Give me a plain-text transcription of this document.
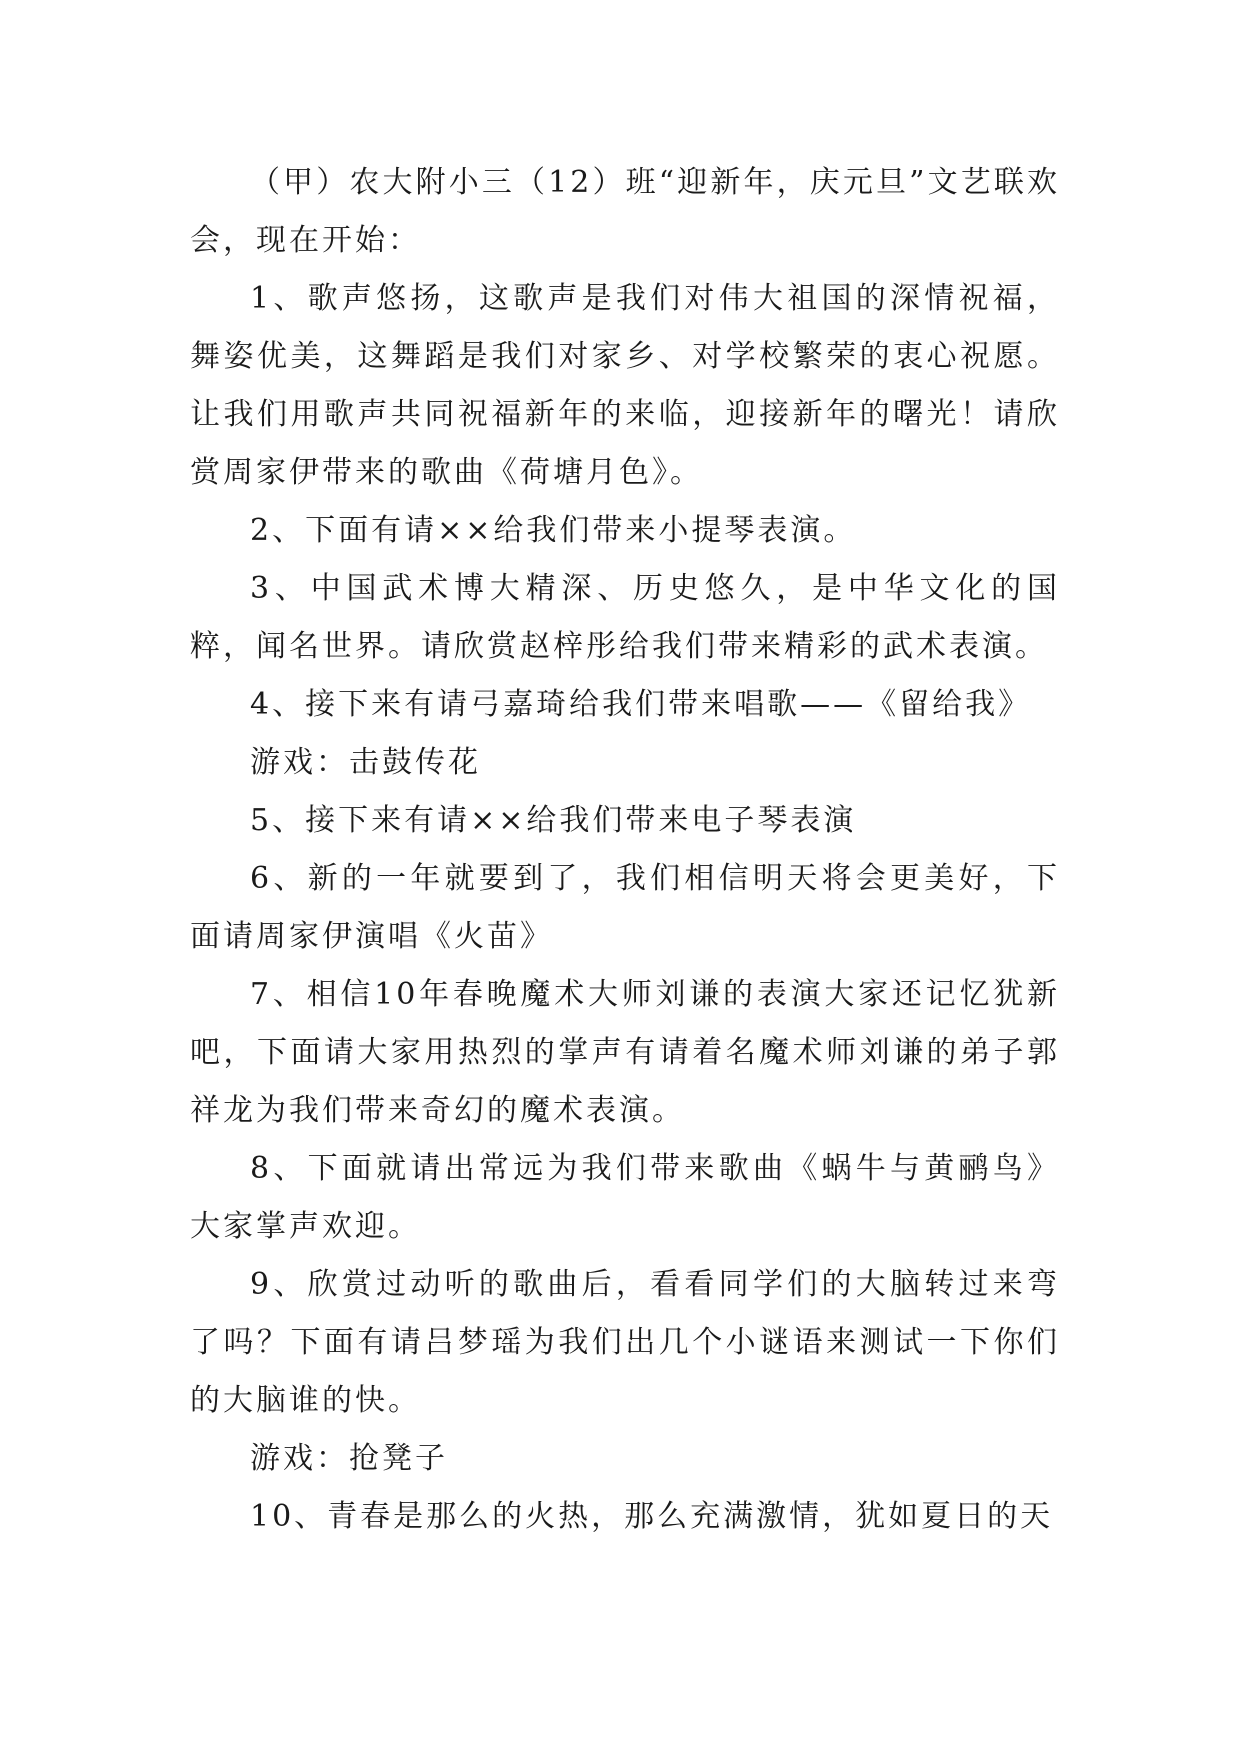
（甲）农大附小三（12）班“迎新年，庆元旦”文艺联欢会，现在开始：

1、歌声悠扬，这歌声是我们对伟大祖国的深情祝福，舞姿优美，这舞蹈是我们对家乡、对学校繁荣的衷心祝愿。让我们用歌声共同祝福新年的来临，迎接新年的曙光！请欣赏周家伊带来的歌曲《荷塘月色》。

2、下面有请××给我们带来小提琴表演。

3、中国武术博大精深、历史悠久，是中华文化的国粹，闻名世界。请欣赏赵梓彤给我们带来精彩的武术表演。

4、接下来有请弓嘉琦给我们带来唱歌——《留给我》

游戏：击鼓传花

5、接下来有请××给我们带来电子琴表演

6、新的一年就要到了，我们相信明天将会更美好，下面请周家伊演唱《火苗》

7、相信10年春晚魔术大师刘谦的表演大家还记忆犹新吧，下面请大家用热烈的掌声有请着名魔术师刘谦的弟子郭祥龙为我们带来奇幻的魔术表演。

8、下面就请出常远为我们带来歌曲《蜗牛与黄鹂鸟》大家掌声欢迎。

9、欣赏过动听的歌曲后，看看同学们的大脑转过来弯了吗？下面有请吕梦瑶为我们出几个小谜语来测试一下你们的大脑谁的快。

游戏：抢凳子

10、青春是那么的火热，那么充满激情，犹如夏日的天
